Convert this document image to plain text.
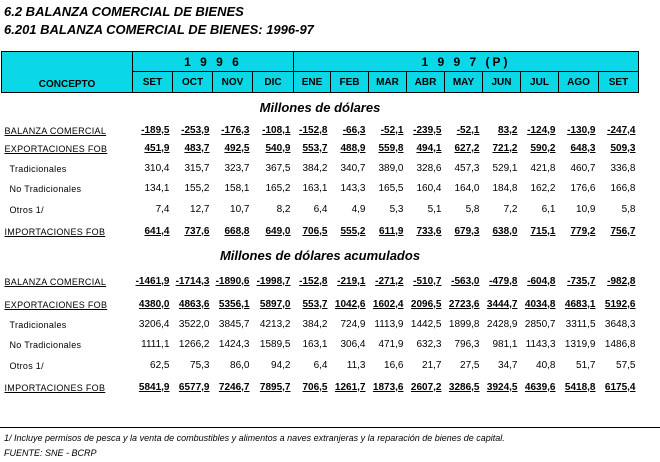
6.2 BALANZA COMERCIAL DE BIENES
6.201 BALANZA COMERCIAL DE BIENES: 1996-97
CONCEPTO	1 9 9 6				1 9 9 7 (P)								
	SET	OCT	NOV	DIC	ENE	FEB	MAR	ABR	MAY	JUN	JUL	AGO	SET
Millones de dólares													
BALANZA COMERCIAL	-189,5	-253,9	-176,3	-108,1	-152,8	-66,3	-52,1	-239,5	-52,1	83,2	-124,9	-130,9	-247,4
EXPORTACIONES FOB	451,9	483,7	492,5	540,9	553,7	488,9	559,8	494,1	627,2	721,2	590,2	648,3	509,3
Tradicionales	310,4	315,7	323,7	367,5	384,2	340,7	389,0	328,6	457,3	529,1	421,8	460,7	336,8
No Tradicionales	134,1	155,2	158,1	165,2	163,1	143,3	165,5	160,4	164,0	184,8	162,2	176,6	166,8
Otros 1/	7,4	12,7	10,7	8,2	6,4	4,9	5,3	5,1	5,8	7,2	6,1	10,9	5,8
IMPORTACIONES FOB	641,4	737,6	668,8	649,0	706,5	555,2	611,9	733,6	679,3	638,0	715,1	779,2	756,7
Millones de dólares acumulados													
BALANZA COMERCIAL	-1461,9	-1714,3	-1890,6	-1998,7	-152,8	-219,1	-271,2	-510,7	-563,0	-479,8	-604,8	-735,7	-982,8
EXPORTACIONES FOB	4380,0	4863,6	5356,1	5897,0	553,7	1042,6	1602,4	2096,5	2723,6	3444,7	4034,8	4683,1	5192,6
Tradicionales	3206,4	3522,0	3845,7	4213,2	384,2	724,9	1113,9	1442,5	1899,8	2428,9	2850,7	3311,5	3648,3
No Tradicionales	1111,1	1266,2	1424,3	1589,5	163,1	306,4	471,9	632,3	796,3	981,1	1143,3	1319,9	1486,8
Otros 1/	62,5	75,3	86,0	94,2	6,4	11,3	16,6	21,7	27,5	34,7	40,8	51,7	57,5
IMPORTACIONES FOB	5841,9	6577,9	7246,7	7895,7	706,5	1261,7	1873,6	2607,2	3286,5	3924,5	4639,6	5418,8	6175,4
1/ Incluye permisos de pesca y la venta de combustibles y alimentos a naves extranjeras y la reparación de bienes de capital.
FUENTE: SNE - BCRP
